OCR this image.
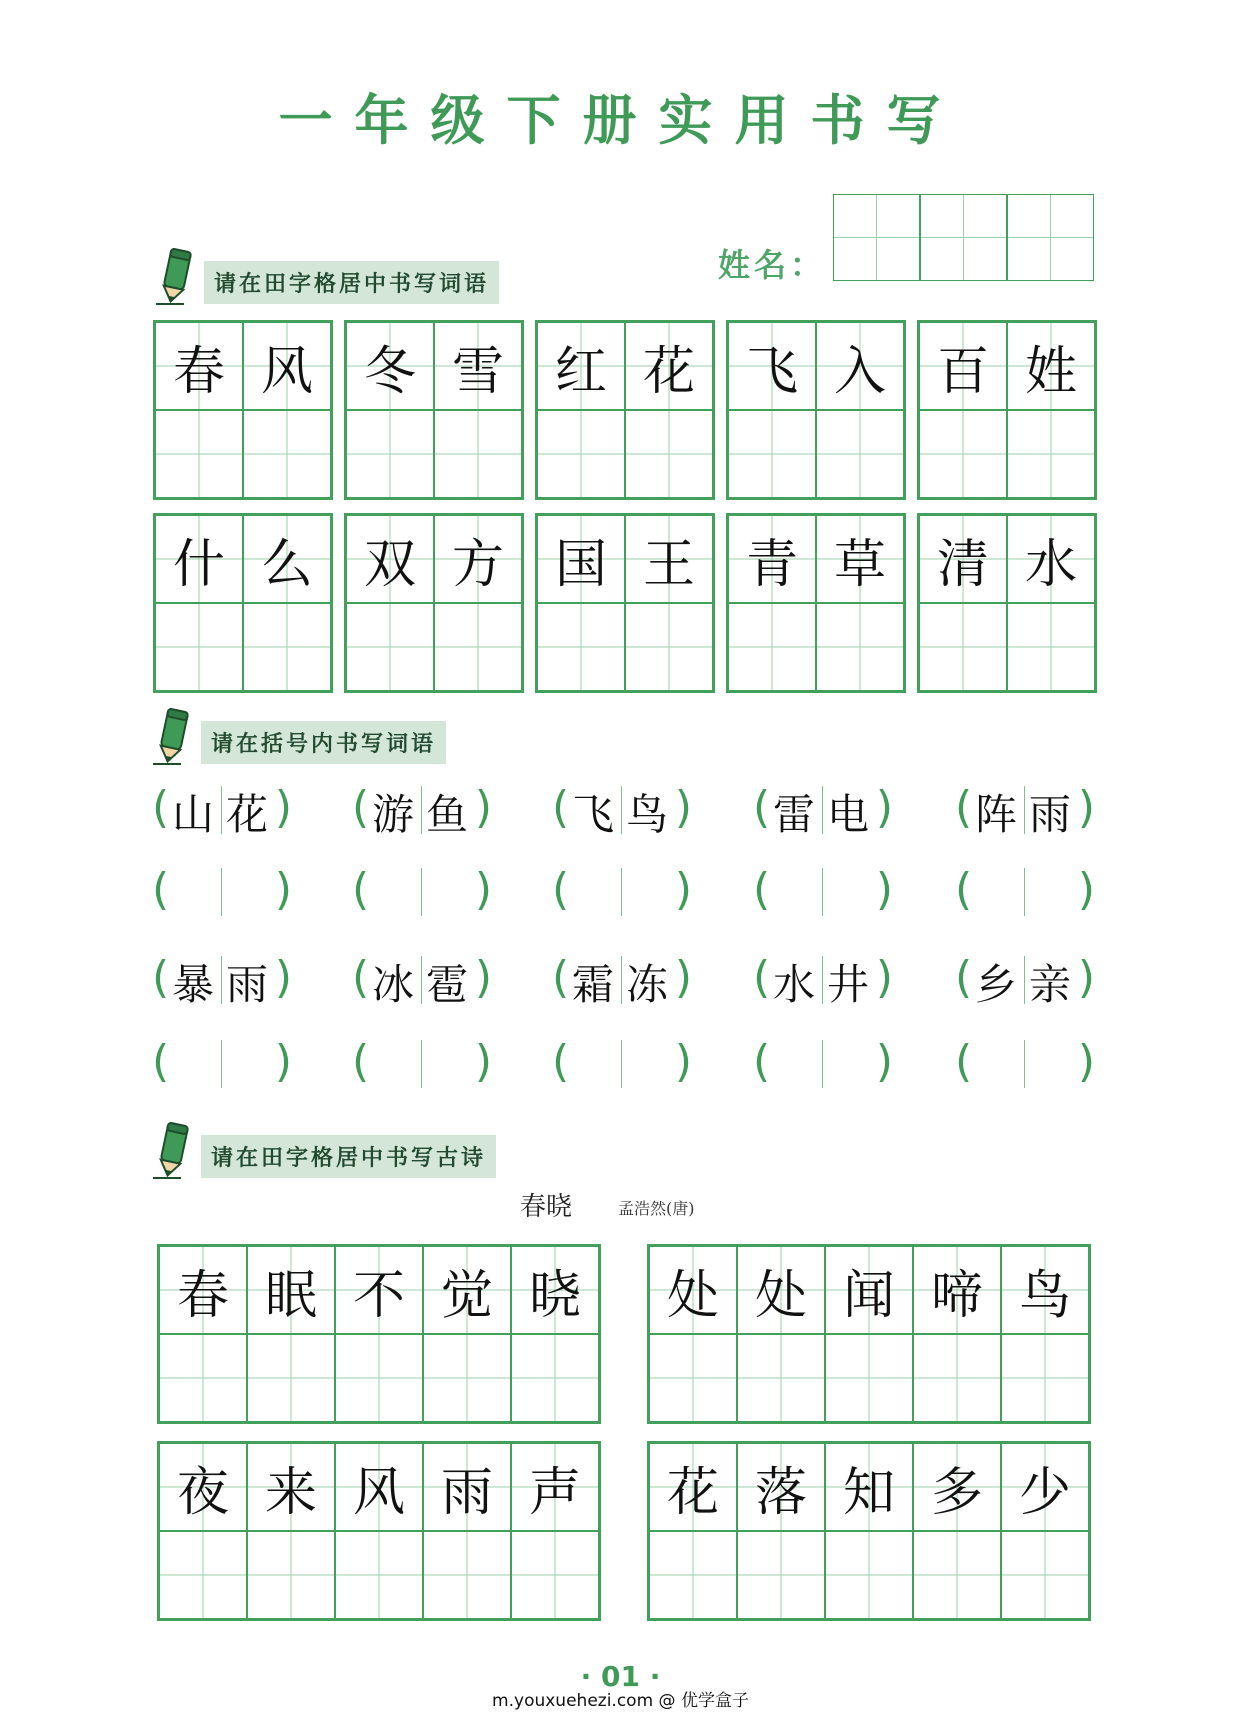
一年级下册实用书写
姓名：
请在田字格居中书写词语
春 风 冬 雪 红 花 飞 入 百 姓
什 么 双 方 国 王 青 草 清 水
请在括号内书写词语
( 山 花 ) ( 游 鱼 ) ( 飞 鸟 ) ( 雷 电 ) ( 阵 雨 )
( ) ( ) ( ) ( ) ( )
( 暴 雨 ) ( 冰 雹 ) ( 霜 冻 ) ( 水 井 ) ( 乡 亲 )
( ) ( ) ( ) ( ) ( )
请在田字格居中书写古诗
春晓	孟浩然(唐)
春 眠 不 觉 晓	处 处 闻 啼 鸟
夜 来 风 雨 声	花 落 知 多 少
· 01 ·
m.youxuehezi.com @ 优学盒子
